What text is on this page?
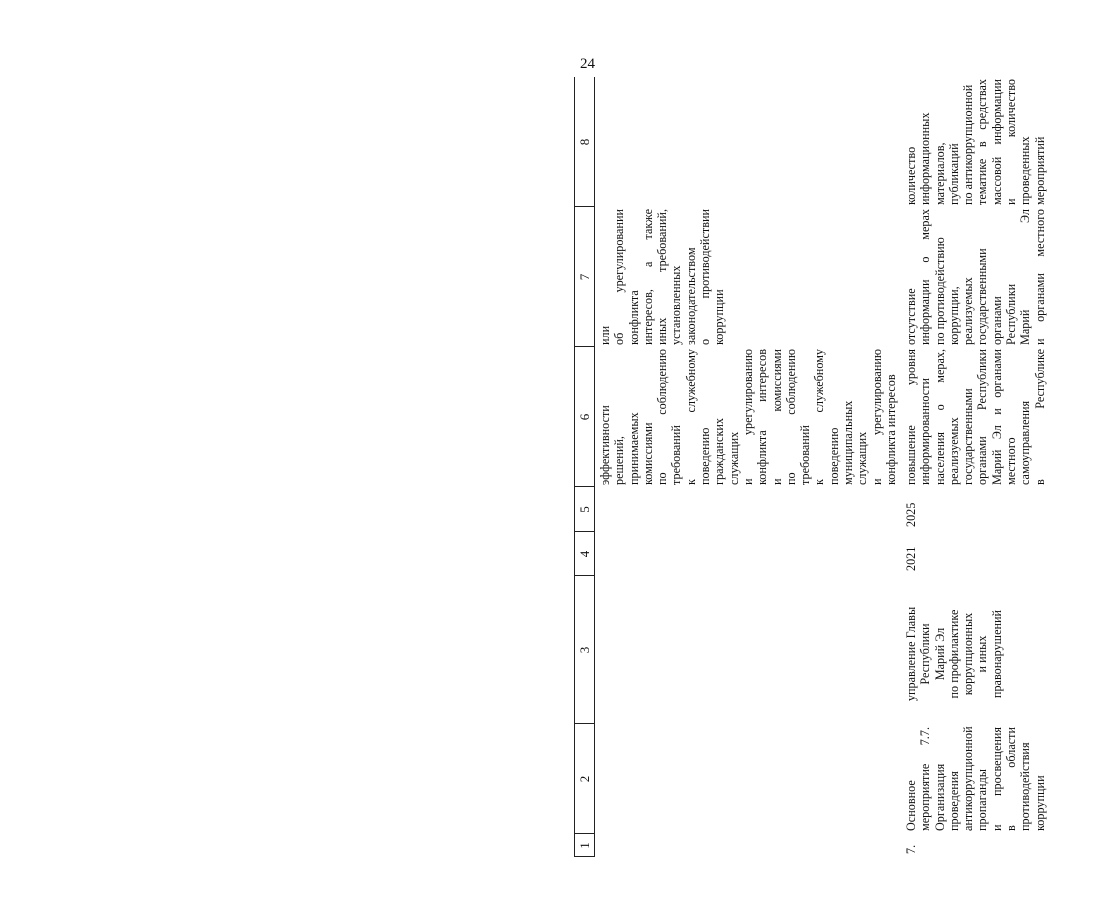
24
1
2
3
4
5
6
7
8
эффективности решений, принимаемых комиссиями по соблюдению требований к служебному поведению гражданских служащих и урегулированию конфликта интересов и комиссиями по соблюдению требований к служебному поведению муниципальных служащих и урегулированию конфликта интересов
или об урегулировании конфликта интересов, а также иных требований, установленных законодательством о противодействии коррупции
7.
Основное мероприятие 7.7. Организация проведения антикоррупционной пропаганды и просвещения в области противодействия коррупции
управление Главы Республики Марий Эл по профилактике коррупционных и иных правонарушений
2021
2025
повышение уровня информированности населения о мерах, реализуемых государственными органами Республики Марий Эл и органами местного самоуправления в Республике
отсутствие информации о мерах по противодействию коррупции, реализуемых государственными органами Республики Марий Эл и органами местного
количество информационных материалов, публикаций по антикоррупционной тематике в средствах массовой информации и количество проведенных мероприятий
